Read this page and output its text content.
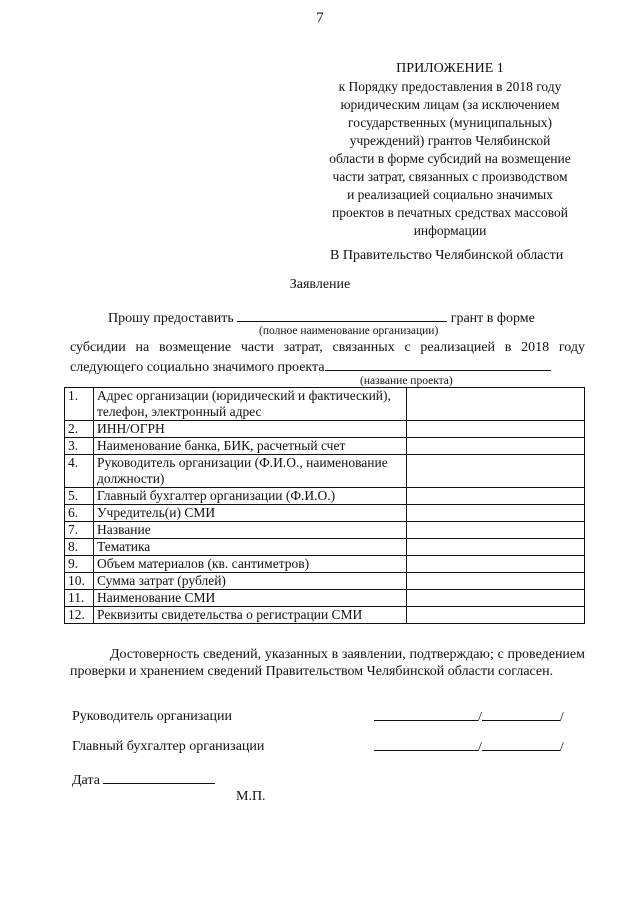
7
ПРИЛОЖЕНИЕ 1
к Порядку предоставления в 2018 году
юридическим лицам (за исключением
государственных (муниципальных)
учреждений) грантов Челябинской
области в форме субсидий на возмещение
части затрат, связанных с производством
и реализацией социально значимых
проектов в печатных средствах массовой
информации
В Правительство Челябинской области
Заявление
Прошу предоставить	грант в форме
(полное наименование организации)
субсидии на возмещение части затрат, связанных с реализацией в 2018 году
следующего социально значимого проекта
(название проекта)
1.	Адрес организации (юридический и фактический), телефон, электронный адрес	
2.	ИНН/ОГРН	
3.	Наименование банка, БИК, расчетный счет	
4.	Руководитель организации (Ф.И.О., наименование должности)	
5.	Главный бухгалтер организации (Ф.И.О.)	
6.	Учредитель(и) СМИ	
7.	Название	
8.	Тематика	
9.	Объем материалов (кв. сантиметров)	
10.	Сумма затрат (рублей)	
11.	Наименование СМИ	
12.	Реквизиты свидетельства о регистрации СМИ	
Достоверность сведений, указанных в заявлении, подтверждаю; с проведением проверки и хранением сведений Правительством Челябинской области согласен.
Руководитель организации	/	/
Главный бухгалтер организации	/	/
Дата
М.П.
